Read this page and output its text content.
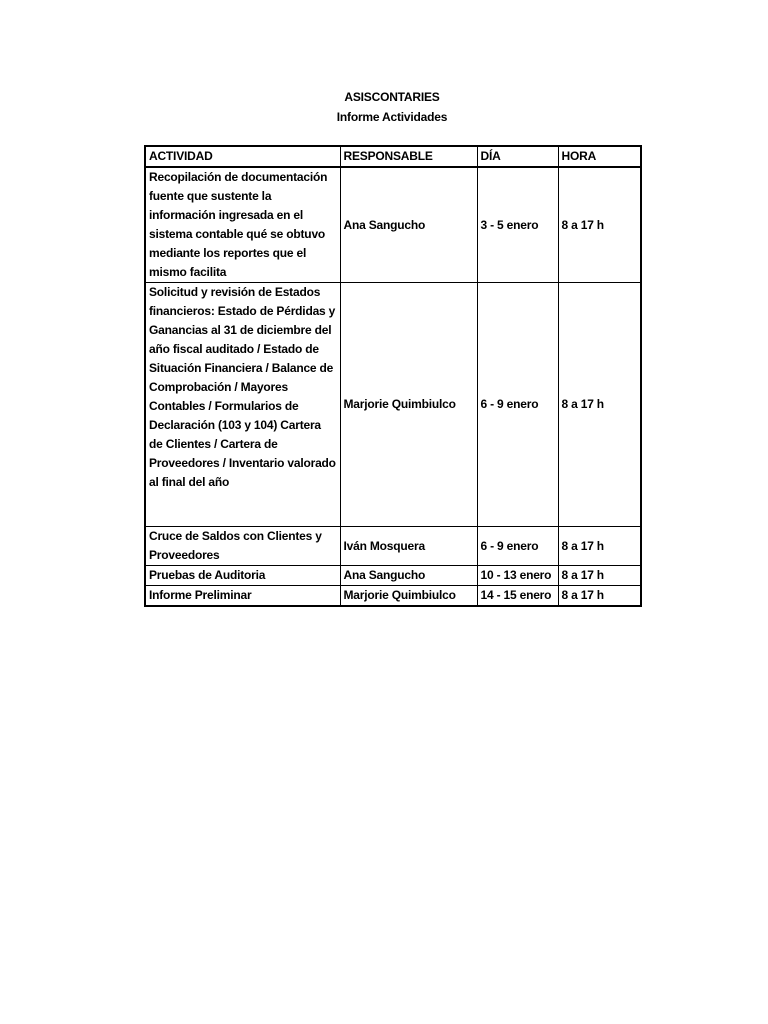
ASISCONTARIES
Informe Actividades
ACTIVIDAD	RESPONSABLE	DÍA	HORA
Recopilación de documentación fuente que sustente la información ingresada en el sistema contable qué se obtuvo mediante los reportes que el mismo facilita	Ana Sangucho	3 - 5 enero	8 a 17 h
Solicitud y revisión de Estados financieros: Estado de Pérdidas y Ganancias al 31 de diciembre del año fiscal auditado / Estado de Situación Financiera / Balance de Comprobación / Mayores Contables / Formularios de Declaración (103 y 104) Cartera de Clientes / Cartera de Proveedores / Inventario valorado al final del año	Marjorie Quimbiulco	6 - 9 enero	8 a 17 h
Cruce de Saldos con Clientes y Proveedores	Iván Mosquera	6 - 9 enero	8 a 17 h
Pruebas de Auditoria	Ana Sangucho	10 - 13 enero	8 a 17 h
Informe Preliminar	Marjorie Quimbiulco	14 - 15 enero	8 a 17 h
